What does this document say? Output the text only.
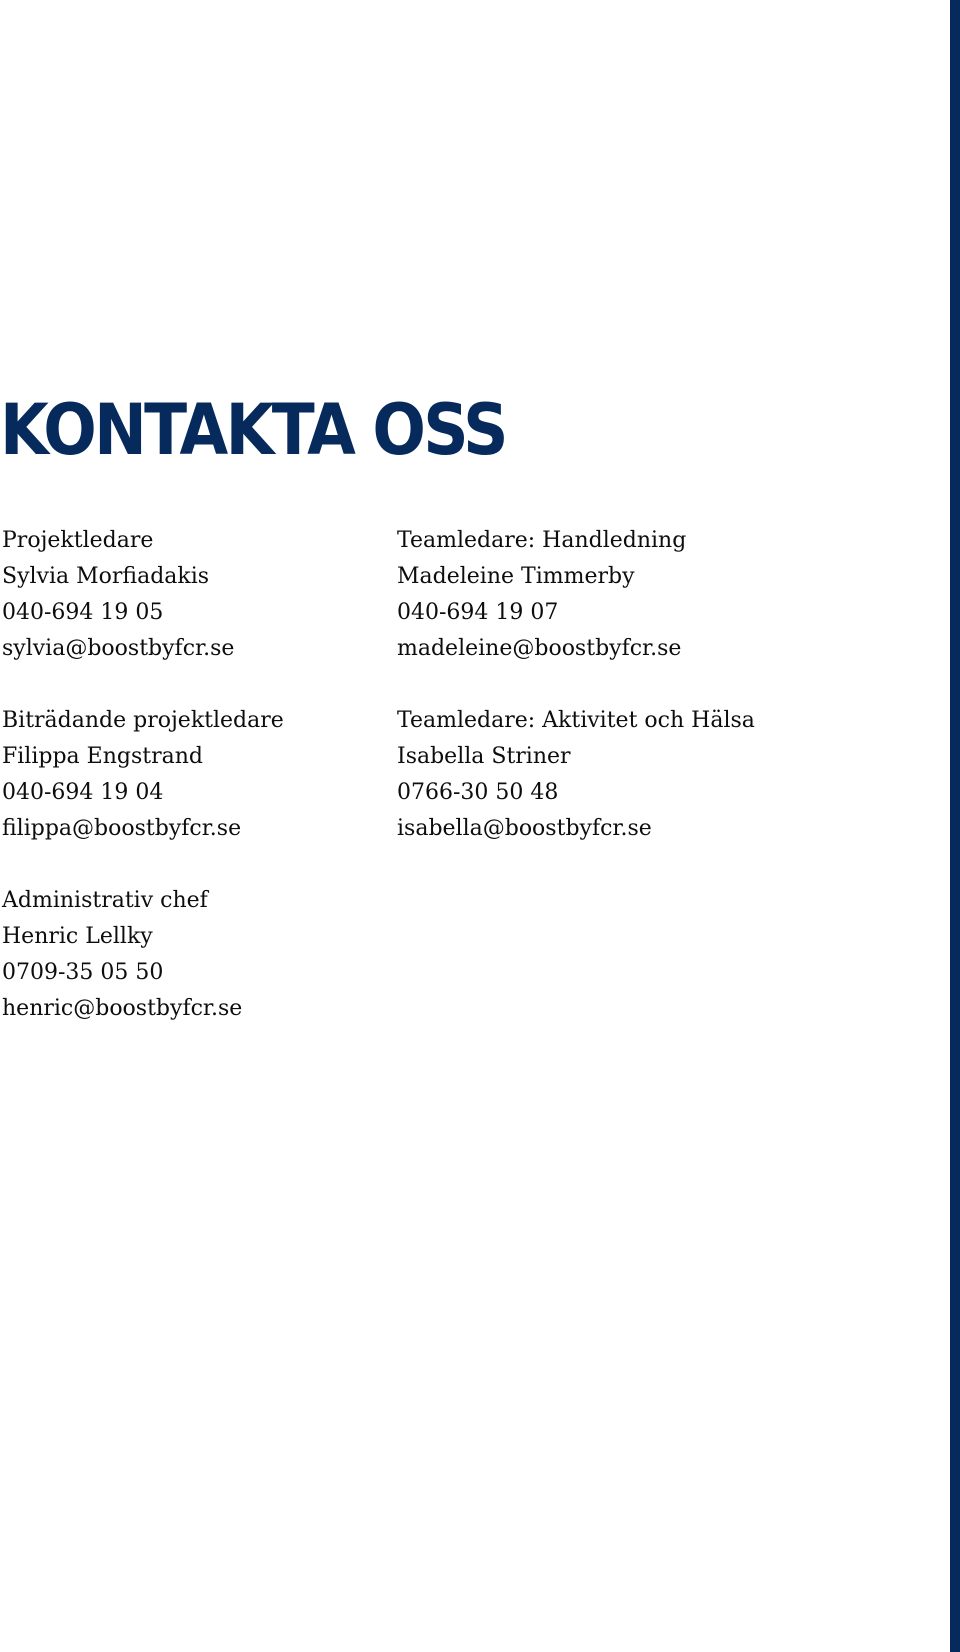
KONTAKTA OSS
Projektledare
Sylvia Morfiadakis
040-694 19 05
sylvia@boostbyfcr.se
Biträdande projektledare
Filippa Engstrand
040-694 19 04
filippa@boostbyfcr.se
Administrativ chef
Henric Lellky
0709-35 05 50
henric@boostbyfcr.se
Teamledare: Handledning
Madeleine Timmerby
040-694 19 07
madeleine@boostbyfcr.se
Teamledare: Aktivitet och Hälsa
Isabella Striner
0766-30 50 48
isabella@boostbyfcr.se
